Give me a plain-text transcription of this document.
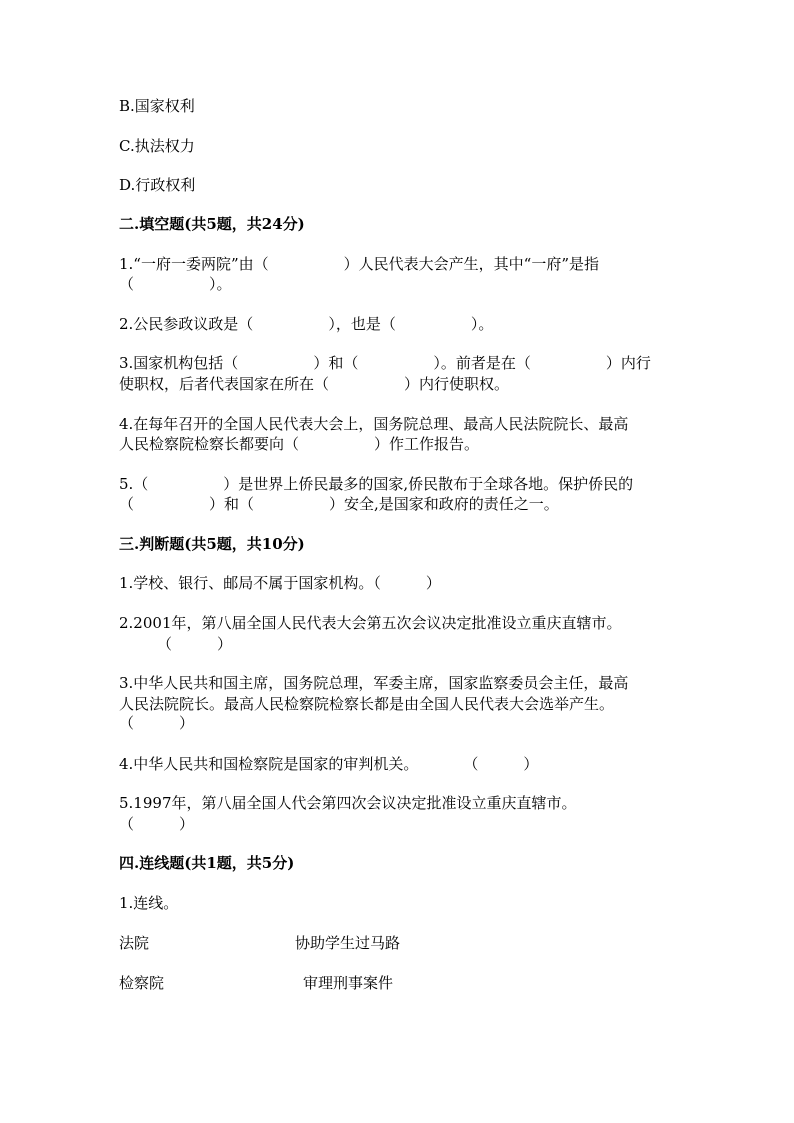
B.国家权利
C.执法权力
D.行政权利
二.填空题(共5题，共24分)
1.“一府一委两院”由（　　　　　）人民代表大会产生，其中“一府”是指
（　　　　　）。
2.公民参政议政是（　　　　　），也是（　　　　　）。
3.国家机构包括（　　　　　）和（　　　　　）。前者是在（　　　　　）内行
使职权，后者代表国家在所在（　　　　　）内行使职权。
4.在每年召开的全国人民代表大会上，国务院总理、最高人民法院院长、最高
人民检察院检察长都要向（　　　　　）作工作报告。
5.（　　　　　）是世界上侨民最多的国家,侨民散布于全球各地。保护侨民的
（　　　　　）和（　　　　　）安全,是国家和政府的责任之一。
三.判断题(共5题，共10分)
1.学校、银行、邮局不属于国家机构。（　　　）
2.2001年，第八届全国人民代表大会第五次会议决定批准设立重庆直辖市。
（　　　）
3.中华人民共和国主席，国务院总理，军委主席，国家监察委员会主任，最高
人民法院院长。最高人民检察院检察长都是由全国人民代表大会选举产生。
（　　　）
4.中华人民共和国检察院是国家的审判机关。　　　　（　　　）
5.1997年，第八届全国人代会第四次会议决定批准设立重庆直辖市。
（　　　）
四.连线题(共1题，共5分)
1.连线。
法院	协助学生过马路
检察院	审理刑事案件
